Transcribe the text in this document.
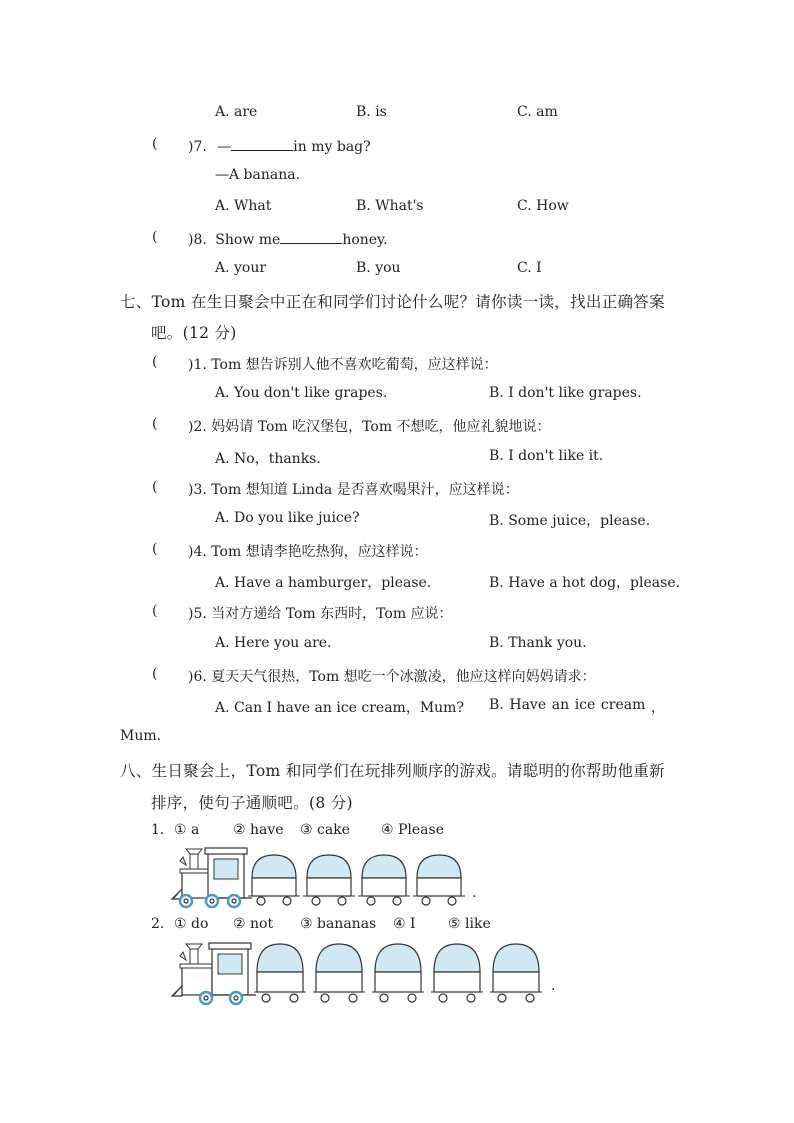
A. are	B. is	C. am
( )7. —	in my bag?
—A banana.
A. What	B. What's	C. How
( )8. Show me	honey.
A. your	B. you	C. I
七、Tom 在生日聚会中正在和同学们讨论什么呢？请你读一读，找出正确答案
吧。(12 分)
( )1. Tom 想告诉别人他不喜欢吃葡萄，应这样说：
A. You don't like grapes.	B. I don't like grapes.
( )2. 妈妈请 Tom 吃汉堡包，Tom 不想吃，他应礼貌地说：
A. No，thanks.	B. I don't like it.
( )3. Tom 想知道 Linda 是否喜欢喝果汁，应这样说：
A. Do you like juice?	B. Some juice，please.
( )4. Tom 想请李艳吃热狗，应这样说：
A. Have a hamburger，please.	B. Have a hot dog，please.
( )5. 当对方递给 Tom 东西时，Tom 应说：
A. Here you are.	B. Thank you.
( )6. 夏天天气很热，Tom 想吃一个冰激凌，他应这样向妈妈请求：
A. Can I have an ice cream，Mum? B. Have an ice cream ，
Mum.
八、生日聚会上，Tom 和同学们在玩排列顺序的游戏。请聪明的你帮助他重新
排序，使句子通顺吧。(8 分)
1. ① a ② have ③ cake ④ Please
.
2. ① do ② not ③ bananas ④ I ⑤ like
.
